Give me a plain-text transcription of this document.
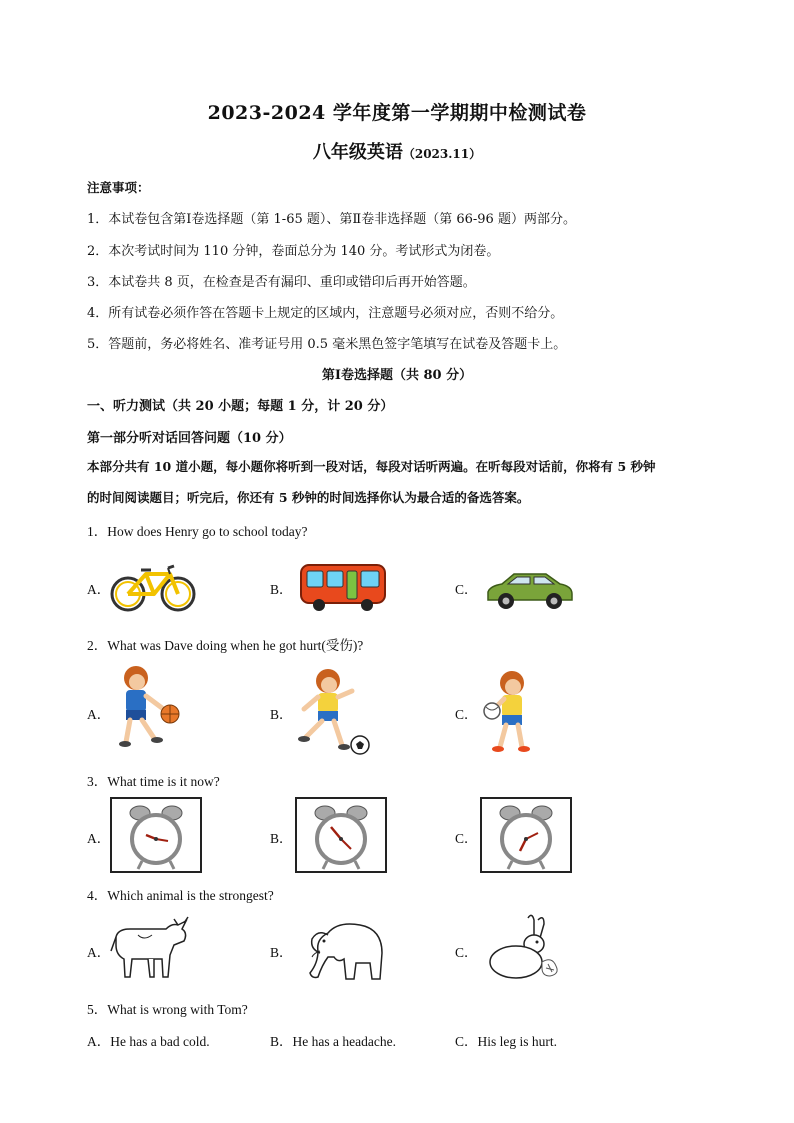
2023-2024 学年度第一学期期中检测试卷
八年级英语（2023.11）
注意事项：
1．本试卷包含第Ⅰ卷选择题（第 1-65 题）、第Ⅱ卷非选择题（第 66-96 题）两部分。
2．本次考试时间为 110 分钟，卷面总分为 140 分。考试形式为闭卷。
3．本试卷共 8 页，在检查是否有漏印、重印或错印后再开始答题。
4．所有试卷必须作答在答题卡上规定的区域内，注意题号必须对应，否则不给分。
5．答题前，务必将姓名、准考证号用 0.5 毫米黑色签字笔填写在试卷及答题卡上。
第Ⅰ卷选择题（共 80 分）
一、听力测试（共 20 小题；每题 1 分，计 20 分）
第一部分听对话回答问题（10 分）
本部分共有 10 道小题，每小题你将听到一段对话，每段对话听两遍。在听每段对话前，你将有 5 秒钟
的时间阅读题目；听完后，你还有 5 秒钟的时间选择你认为最合适的备选答案。
1．How does Henry go to school today?
A．	B．	C．
2．What was Dave doing when he got hurt(受伤)?
A．	B．	C．
3．What time is it now?
A．	B．	C．
4．Which animal is the strongest?
A．	B．	C．
5．What is wrong with Tom?
A．He has a bad cold.	B．He has a headache.	C．His leg is hurt.
